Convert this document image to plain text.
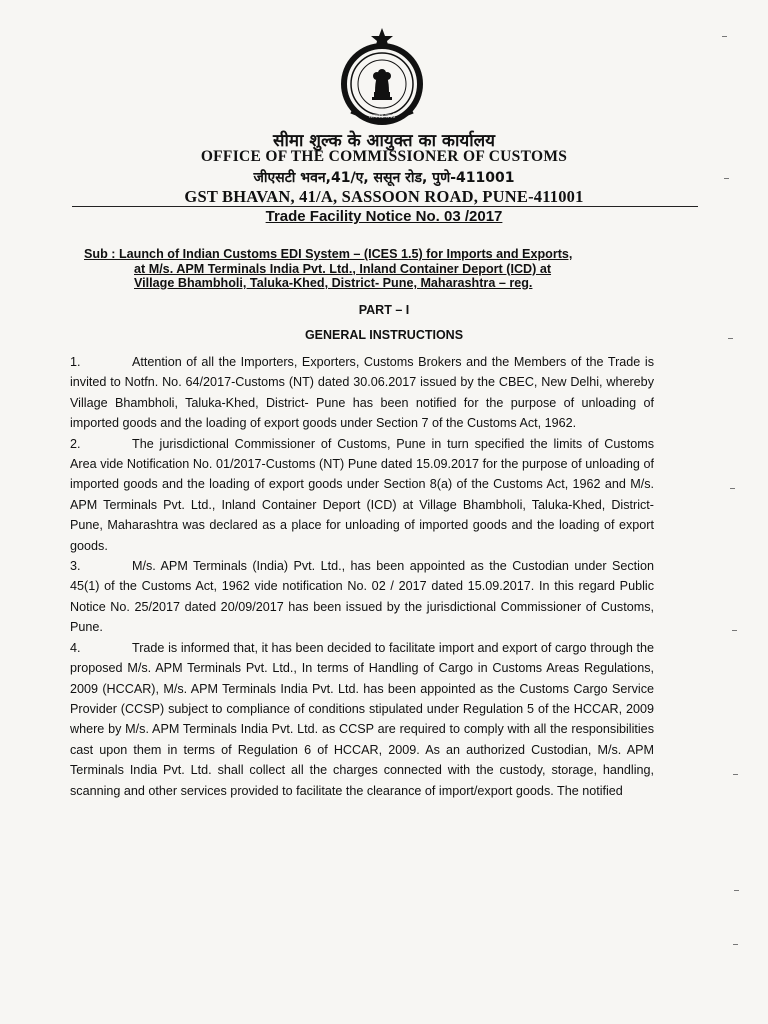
सत्यमेव जयते
सीमा शुल्क के आयुक्त का कार्यालय
OFFICE OF THE COMMISSIONER OF CUSTOMS
जीएसटी भवन,41/ए, ससून रोड, पुणे-411001
GST BHAVAN, 41/A, SASSOON ROAD, PUNE-411001
Trade Facility Notice No. 03 /2017
Sub : Launch of Indian Customs EDI System – (ICES 1.5) for Imports and Exports,
at M/s. APM Terminals India Pvt. Ltd., Inland Container Deport (ICD) at
Village Bhambholi, Taluka-Khed, District- Pune, Maharashtra – reg.
PART – I
GENERAL INSTRUCTIONS

1.	Attention of all the Importers, Exporters, Customs Brokers and the Members of the Trade is invited to Notfn. No. 64/2017-Customs (NT) dated 30.06.2017 issued by the CBEC, New Delhi, whereby Village Bhambholi, Taluka-Khed, District- Pune has been notified for the purpose of unloading of imported goods and the loading of export goods under Section 7 of the Customs Act, 1962.

2.	The jurisdictional Commissioner of Customs, Pune in turn specified the limits of Customs Area vide Notification No. 01/2017-Customs (NT) Pune dated 15.09.2017 for the purpose of unloading of imported goods and the loading of export goods under Section 8(a) of the Customs Act, 1962 and M/s. APM Terminals Pvt. Ltd., Inland Container Deport (ICD) at Village Bhambholi, Taluka-Khed, District- Pune, Maharashtra was declared as a place for unloading of imported goods and the loading of export goods.

3.	M/s. APM Terminals (India) Pvt. Ltd., has been appointed as the Custodian under Section 45(1) of the Customs Act, 1962 vide notification No. 02 / 2017 dated 15.09.2017. In this regard Public Notice No. 25/2017 dated 20/09/2017 has been issued by the jurisdictional Commissioner of Customs, Pune.

4.	Trade is informed that, it has been decided to facilitate import and export of cargo through the proposed M/s. APM Terminals Pvt. Ltd., In terms of Handling of Cargo in Customs Areas Regulations, 2009 (HCCAR), M/s. APM Terminals India Pvt. Ltd. has been appointed as the Customs Cargo Service Provider (CCSP) subject to compliance of conditions stipulated under Regulation 5 of the HCCAR, 2009 where by M/s. APM Terminals India Pvt. Ltd. as CCSP are required to comply with all the responsibilities cast upon them in terms of Regulation 6 of HCCAR, 2009. As an authorized Custodian, M/s. APM Terminals India Pvt. Ltd. shall collect all the charges connected with the custody, storage, handling, scanning and other services provided to facilitate the clearance of import/export goods. The notified
